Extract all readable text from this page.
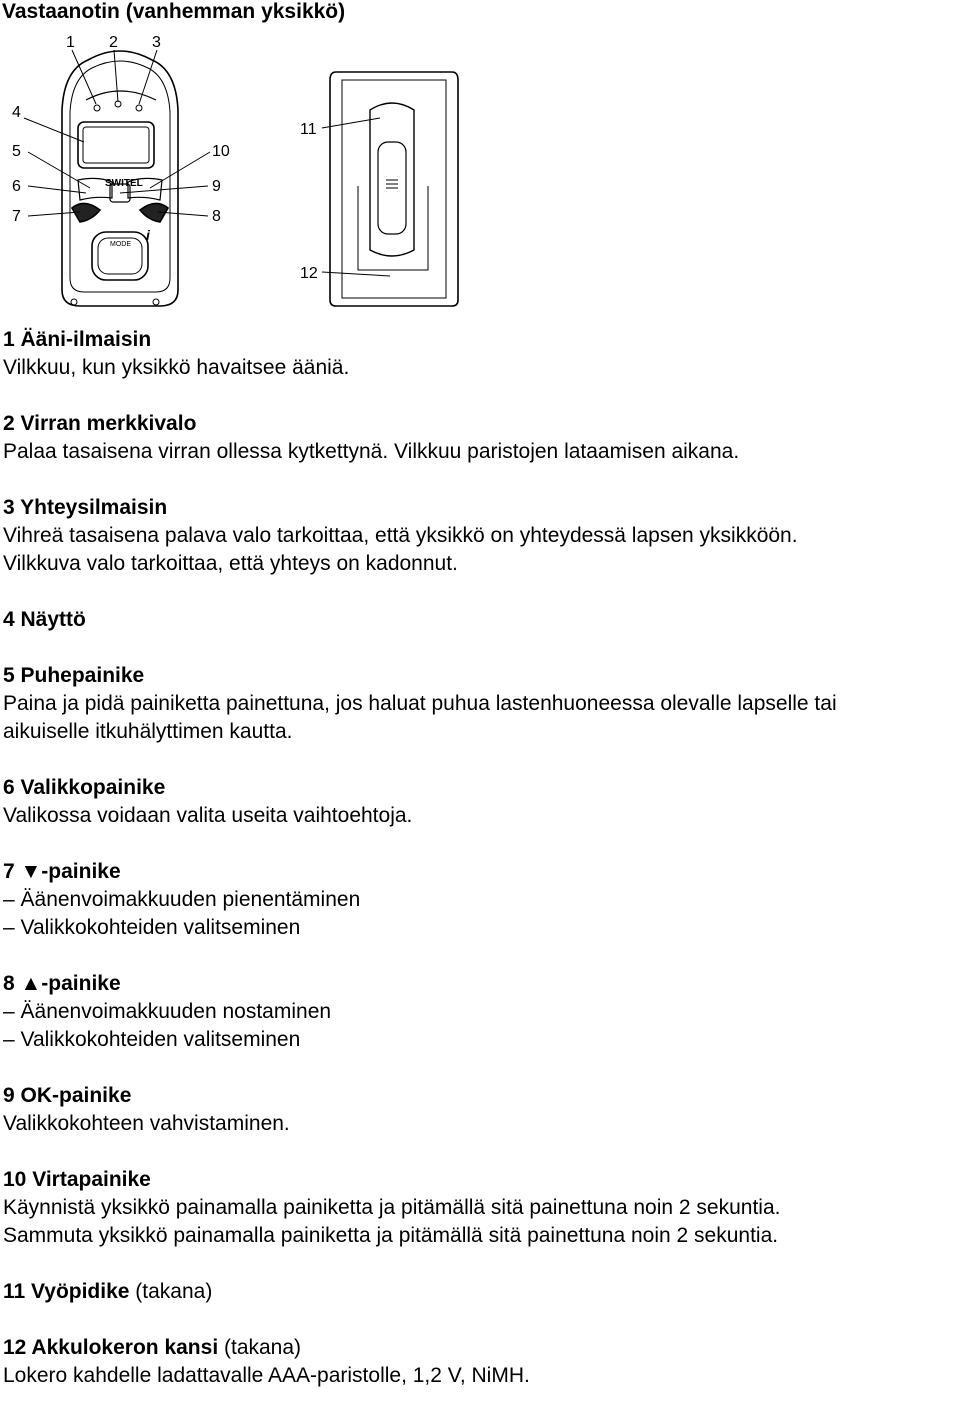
Vastaanotin (vanhemman yksikkö)
SWITEL
MODE
i
1 2 3
4
5	10
6	9
7	8
11
12
1 Ääni-ilmaisin
Vilkkuu, kun yksikkö havaitsee ääniä.
2 Virran merkkivalo
Palaa tasaisena virran ollessa kytkettynä. Vilkkuu paristojen lataamisen aikana.
3 Yhteysilmaisin
Vihreä tasaisena palava valo tarkoittaa, että yksikkö on yhteydessä lapsen yksikköön.
Vilkkuva valo tarkoittaa, että yhteys on kadonnut.
4 Näyttö
5 Puhepainike
Paina ja pidä painiketta painettuna, jos haluat puhua lastenhuoneessa olevalle lapselle tai
aikuiselle itkuhälyttimen kautta.
6 Valikkopainike
Valikossa voidaan valita useita vaihtoehtoja.
7 ▼-painike
– Äänenvoimakkuuden pienentäminen
– Valikkokohteiden valitseminen
8 ▲-painike
– Äänenvoimakkuuden nostaminen
– Valikkokohteiden valitseminen
9 OK-painike
Valikkokohteen vahvistaminen.
10 Virtapainike
Käynnistä yksikkö painamalla painiketta ja pitämällä sitä painettuna noin 2 sekuntia.
Sammuta yksikkö painamalla painiketta ja pitämällä sitä painettuna noin 2 sekuntia.
11 Vyöpidike (takana)
12 Akkulokeron kansi (takana)
Lokero kahdelle ladattavalle AAA-paristolle, 1,2 V, NiMH.
